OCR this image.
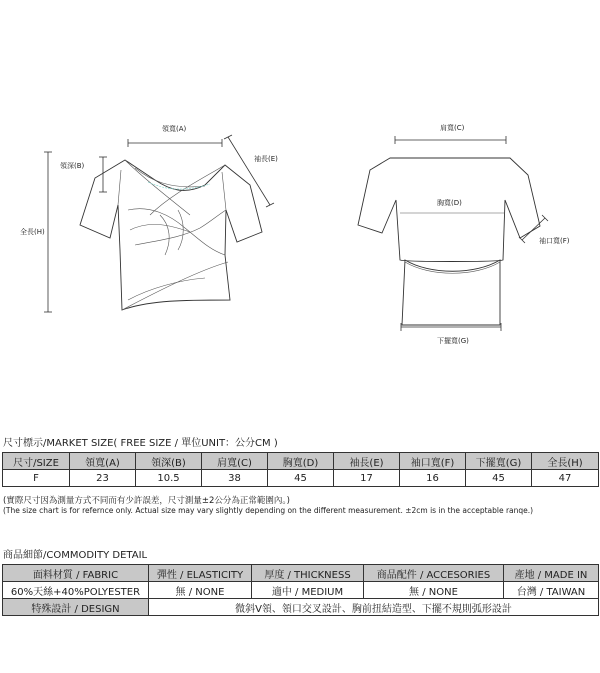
領寬(A)
領深(B)
全長(H)
袖長(E)
肩寬(C)
胸寬(D)
袖口寬(F)
下擺寬(G)
尺寸標示/MARKET SIZE( FREE SIZE / 單位UNIT：公分CM )
尺寸/SIZE	領寬(A)	領深(B)	肩寬(C)	胸寬(D)	袖長(E)	袖口寬(F)	下擺寬(G)	全長(H)
F	23	10.5	38	45	17	16	45	47
(實際尺寸因為測量方式不同而有少許誤差，尺寸測量±2公分為正常範圍內。)
(The size chart is for refernce only. Actual size may vary slightly depending on the different measurement. ±2cm is in the acceptable ranqe.)
商品細節/COMMODITY DETAIL
面料材質 / FABRIC	彈性 / ELASTICITY	厚度 / THICKNESS	商品配件 / ACCESORIES	產地 / MADE IN
60%天絲+40%POLYESTER	無 / NONE	適中 / MEDIUM	無 / NONE	台灣 / TAIWAN
特殊設計 / DESIGN	微斜V領、領口交叉設計、胸前扭結造型、下擺不規則弧形設計			
